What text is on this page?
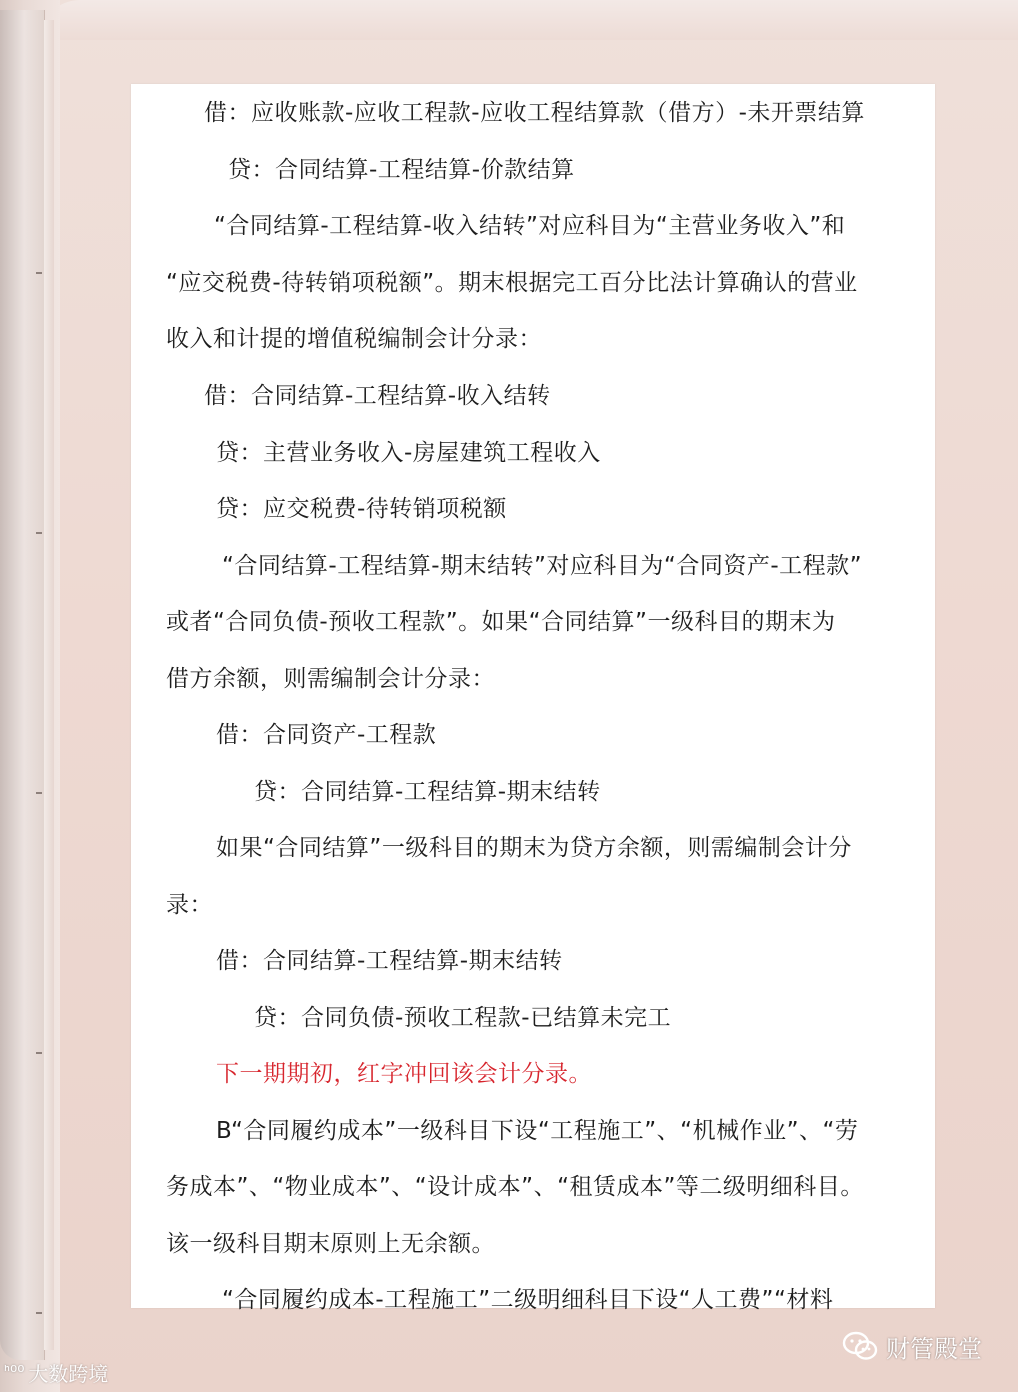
借：应收账款-应收工程款-应收工程结算款（借方）-未开票结算
贷：合同结算-工程结算-价款结算
“合同结算-工程结算-收入结转”对应科目为“主营业务收入”和
“应交税费-待转销项税额”。期末根据完工百分比法计算确认的营业
收入和计提的增值税编制会计分录：
借：合同结算-工程结算-收入结转
贷：主营业务收入-房屋建筑工程收入
贷：应交税费-待转销项税额
“合同结算-工程结算-期末结转”对应科目为“合同资产-工程款”
或者“合同负债-预收工程款”。如果“合同结算”一级科目的期末为
借方余额，则需编制会计分录：
借：合同资产-工程款
贷：合同结算-工程结算-期末结转
如果“合同结算”一级科目的期末为贷方余额，则需编制会计分
录：
借：合同结算-工程结算-期末结转
贷：合同负债-预收工程款-已结算未完工
下一期期初，红字冲回该会计分录。
B“合同履约成本”一级科目下设“工程施工”、“机械作业”、“劳
务成本”、“物业成本”、“设计成本”、“租赁成本”等二级明细科目。
该一级科目期末原则上无余额。
“合同履约成本-工程施工”二级明细科目下设“人工费”“材料
财管殿堂
ᑋ⁰⁰ 大数跨境
